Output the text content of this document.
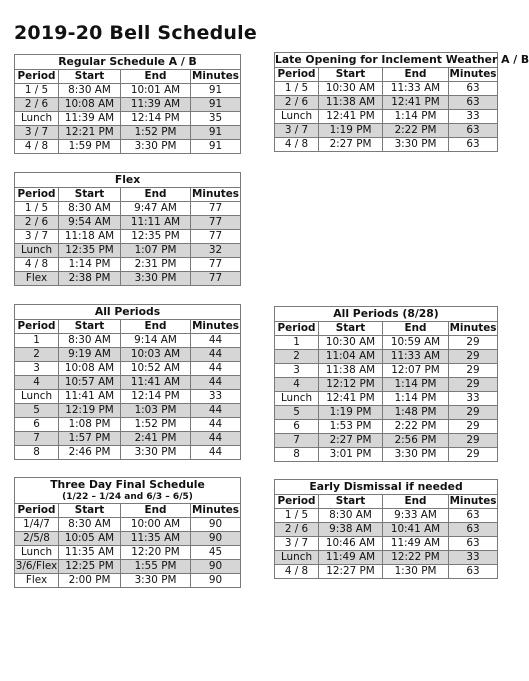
2019-20 Bell Schedule
Regular Schedule A / B			
Period	Start	End	Minutes
1 / 5	8:30 AM	10:01 AM	91
2 / 6	10:08 AM	11:39 AM	91
Lunch	11:39 AM	12:14 PM	35
3 / 7	12:21 PM	1:52 PM	91
4 / 8	1:59 PM	3:30 PM	91
Late Opening for Inclement Weather A / B			
Period	Start	End	Minutes
1 / 5	10:30 AM	11:33 AM	63
2 / 6	11:38 AM	12:41 PM	63
Lunch	12:41 PM	1:14 PM	33
3 / 7	1:19 PM	2:22 PM	63
4 / 8	2:27 PM	3:30 PM	63
Flex			
Period	Start	End	Minutes
1 / 5	8:30 AM	9:47 AM	77
2 / 6	9:54 AM	11:11 AM	77
3 / 7	11:18 AM	12:35 PM	77
Lunch	12:35 PM	1:07 PM	32
4 / 8	1:14 PM	2:31 PM	77
Flex	2:38 PM	3:30 PM	77
All Periods			
Period	Start	End	Minutes
1	8:30 AM	9:14 AM	44
2	9:19 AM	10:03 AM	44
3	10:08 AM	10:52 AM	44
4	10:57 AM	11:41 AM	44
Lunch	11:41 AM	12:14 PM	33
5	12:19 PM	1:03 PM	44
6	1:08 PM	1:52 PM	44
7	1:57 PM	2:41 PM	44
8	2:46 PM	3:30 PM	44
All Periods (8/28)			
Period	Start	End	Minutes
1	10:30 AM	10:59 AM	29
2	11:04 AM	11:33 AM	29
3	11:38 AM	12:07 PM	29
4	12:12 PM	1:14 PM	29
Lunch	12:41 PM	1:14 PM	33
5	1:19 PM	1:48 PM	29
6	1:53 PM	2:22 PM	29
7	2:27 PM	2:56 PM	29
8	3:01 PM	3:30 PM	29
Three Day Final Schedule
(1/22 – 1/24 and 6/3 – 6/5)			

Period	Start	End	Minutes
1/4/7	8:30 AM	10:00 AM	90
2/5/8	10:05 AM	11:35 AM	90
Lunch	11:35 AM	12:20 PM	45
3/6/Flex	12:25 PM	1:55 PM	90
Flex	2:00 PM	3:30 PM	90
Early Dismissal if needed			
Period	Start	End	Minutes
1 / 5	8:30 AM	9:33 AM	63
2 / 6	9:38 AM	10:41 AM	63
3 / 7	10:46 AM	11:49 AM	63
Lunch	11:49 AM	12:22 PM	33
4 / 8	12:27 PM	1:30 PM	63
